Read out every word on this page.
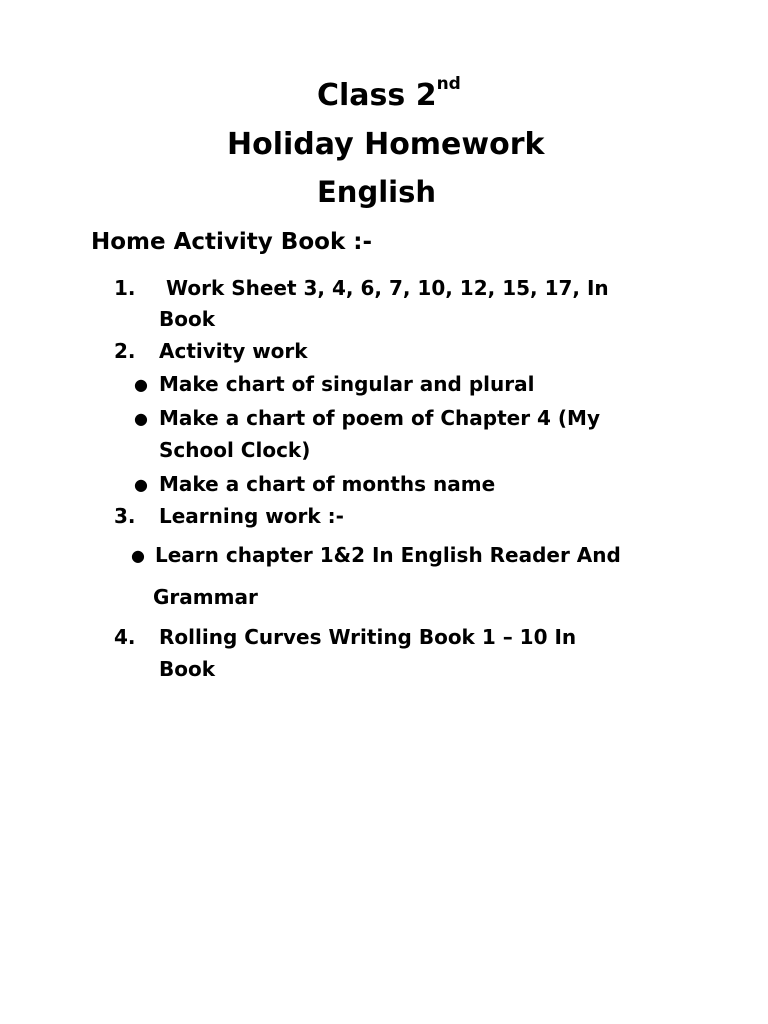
Class 2nd
Holiday Homework
English
Home Activity Book :-
1. Work Sheet 3, 4, 6, 7, 10, 12, 15, 17, In
Book
2. Activity work
● Make chart of singular and plural
● Make a chart of poem of Chapter 4 (My
School Clock)
● Make a chart of months name
3. Learning work :-
● Learn chapter 1&2 In English Reader And
Grammar
4. Rolling Curves Writing Book 1 – 10 In
Book
